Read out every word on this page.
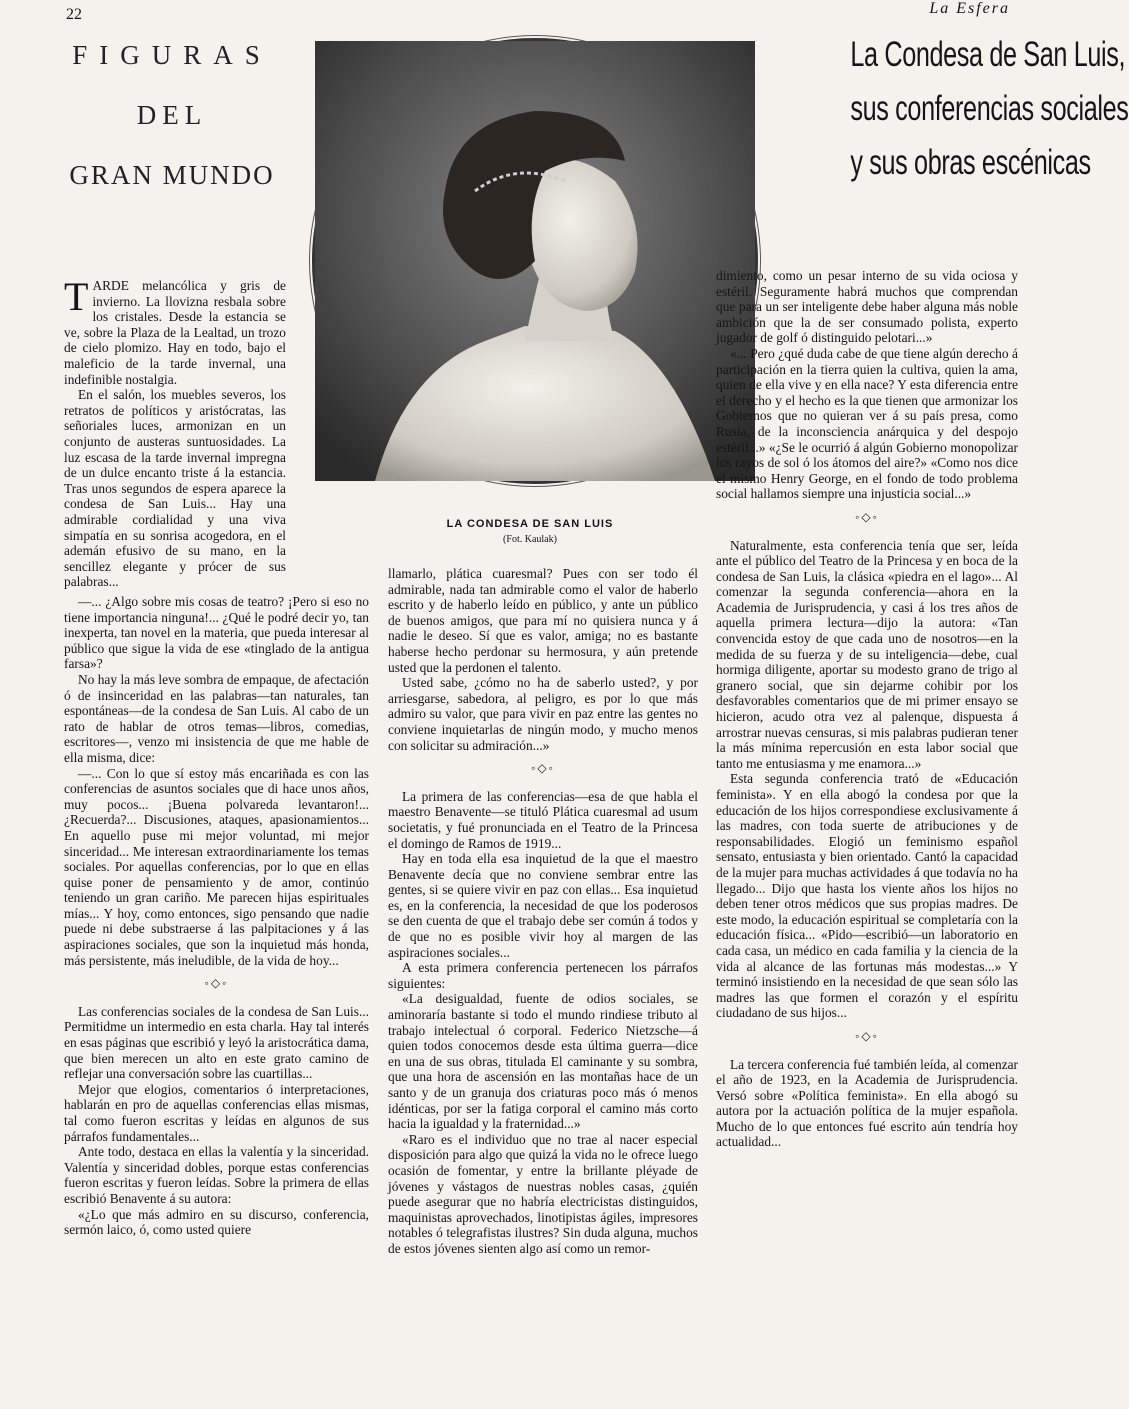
22	La Esfera
FIGURAS
DEL
GRAN MUNDO
La Condesa de San Luis,
sus conferencias sociales
y sus obras escénicas
LA CONDESA DE SAN LUIS
(Fot. Kaulak)

TARDE melancólica y gris de invierno. La llovizna resbala sobre los cristales. Desde la estancia se ve, sobre la Plaza de la Lealtad, un trozo de cielo plomizo. Hay en todo, bajo el maleficio de la tarde invernal, una indefinible nostalgia.

En el salón, los muebles severos, los retratos de políticos y aristócratas, las señoriales luces, armonizan en un conjunto de austeras suntuosidades. La luz escasa de la tarde invernal impregna de un dulce encanto triste á la estancia. Tras unos segundos de espera aparece la condesa de San Luis... Hay una admirable cordialidad y una viva simpatía en su sonrisa acogedora, en el ademán efusivo de su mano, en la sencillez elegante y prócer de sus palabras...

—... ¿Algo sobre mis cosas de teatro? ¡Pero si eso no tiene importancia ninguna!... ¿Qué le podré decir yo, tan inexperta, tan novel en la materia, que pueda interesar al público que sigue la vida de ese «tinglado de la antigua farsa»?

No hay la más leve sombra de empaque, de afectación ó de insinceridad en las palabras—tan naturales, tan espontáneas—de la condesa de San Luis. Al cabo de un rato de hablar de otros temas—libros, comedias, escritores—, venzo mi insistencia de que me hable de ella misma, dice:

—... Con lo que sí estoy más encariñada es con las conferencias de asuntos sociales que di hace unos años, muy pocos... ¡Buena polvareda levantaron!... ¿Recuerda?... Discusiones, ataques, apasionamientos... En aquello puse mi mejor voluntad, mi mejor sinceridad... Me interesan extraordinariamente los temas sociales. Por aquellas conferencias, por lo que en ellas quise poner de pensamiento y de amor, continúo teniendo un gran cariño. Me parecen hijas espirituales mías... Y hoy, como entonces, sigo pensando que nadie puede ni debe substraerse á las palpitaciones y á las aspiraciones sociales, que son la inquietud más honda, más persistente, más ineludible, de la vida de hoy...

◦◇◦

Las conferencias sociales de la condesa de San Luis... Permitidme un intermedio en esta charla. Hay tal interés en esas páginas que escribió y leyó la aristocrática dama, que bien merecen un alto en este grato camino de reflejar una conversación sobre las cuartillas...

Mejor que elogios, comentarios ó interpretaciones, hablarán en pro de aquellas conferencias ellas mismas, tal como fueron escritas y leídas en algunos de sus párrafos fundamentales...

Ante todo, destaca en ellas la valentía y la sinceridad. Valentía y sinceridad dobles, porque estas conferencias fueron escritas y fueron leídas. Sobre la primera de ellas escribió Benavente á su autora:

«¿Lo que más admiro en su discurso, conferencia, sermón laico, ó, como usted quiere

llamarlo, plática cuaresmal? Pues con ser todo él admirable, nada tan admirable como el valor de haberlo escrito y de haberlo leído en público, y ante un público de buenos amigos, que para mí no quisiera nunca y á nadie le deseo. Sí que es valor, amiga; no es bastante haberse hecho perdonar su hermosura, y aún pretende usted que la perdonen el talento.

Usted sabe, ¿cómo no ha de saberlo usted?, y por arriesgarse, sabedora, al peligro, es por lo que más admiro su valor, que para vivir en paz entre las gentes no conviene inquietarlas de ningún modo, y mucho menos con solicitar su admiración...»

◦◇◦

La primera de las conferencias—esa de que habla el maestro Benavente—se tituló Plática cuaresmal ad usum societatis, y fué pronunciada en el Teatro de la Princesa el domingo de Ramos de 1919...

Hay en toda ella esa inquietud de la que el maestro Benavente decía que no conviene sembrar entre las gentes, si se quiere vivir en paz con ellas... Esa inquietud es, en la conferencia, la necesidad de que los poderosos se den cuenta de que el trabajo debe ser común á todos y de que no es posible vivir hoy al margen de las aspiraciones sociales...

A esta primera conferencia pertenecen los párrafos siguientes:

«La desigualdad, fuente de odios sociales, se aminoraría bastante si todo el mundo rindiese tributo al trabajo intelectual ó corporal. Federico Nietzsche—á quien todos conocemos desde esta última guerra—dice en una de sus obras, titulada El caminante y su sombra, que una hora de ascensión en las montañas hace de un santo y de un granuja dos criaturas poco más ó menos idénticas, por ser la fatiga corporal el camino más corto hacia la igualdad y la fraternidad...»

«Raro es el individuo que no trae al nacer especial disposición para algo que quizá la vida no le ofrece luego ocasión de fomentar, y entre la brillante pléyade de jóvenes y vástagos de nuestras nobles casas, ¿quién puede asegurar que no habría electricistas distinguidos, maquinistas aprovechados, linotipistas ágiles, impresores notables ó telegrafistas ilustres? Sin duda alguna, muchos de estos jóvenes sienten algo así como un remor-

dimiento, como un pesar interno de su vida ociosa y estéril. Seguramente habrá muchos que comprendan que para un ser inteligente debe haber alguna más noble ambición que la de ser consumado polista, experto jugador de golf ó distinguido pelotari...»

«... Pero ¿qué duda cabe de que tiene algún derecho á participación en la tierra quien la cultiva, quien la ama, quien de ella vive y en ella nace? Y esta diferencia entre el derecho y el hecho es la que tienen que armonizar los Gobiernos que no quieran ver á su país presa, como Rusia, de la inconsciencia anárquica y del despojo estéril...» «¿Se le ocurrió á algún Gobierno monopolizar los rayos de sol ó los átomos del aire?» «Como nos dice el mismo Henry George, en el fondo de todo problema social hallamos siempre una injusticia social...»

◦◇◦

Naturalmente, esta conferencia tenía que ser, leída ante el público del Teatro de la Princesa y en boca de la condesa de San Luis, la clásica «piedra en el lago»... Al comenzar la segunda conferencia—ahora en la Academia de Jurisprudencia, y casi á los tres años de aquella primera lectura—dijo la autora: «Tan convencida estoy de que cada uno de nosotros—en la medida de su fuerza y de su inteligencia—debe, cual hormiga diligente, aportar su modesto grano de trigo al granero social, que sin dejarme cohibir por los desfavorables comentarios que de mi primer ensayo se hicieron, acudo otra vez al palenque, dispuesta á arrostrar nuevas censuras, si mis palabras pudieran tener la más mínima repercusión en esta labor social que tanto me entusiasma y me enamora...»

Esta segunda conferencia trató de «Educación feminista». Y en ella abogó la condesa por que la educación de los hijos correspondiese exclusivamente á las madres, con toda suerte de atribuciones y de responsabilidades. Elogió un feminismo español sensato, entusiasta y bien orientado. Cantó la capacidad de la mujer para muchas actividades á que todavía no ha llegado... Dijo que hasta los viente años los hijos no deben tener otros médicos que sus propias madres. De este modo, la educación espiritual se completaría con la educación física... «Pido—escribió—un laboratorio en cada casa, un médico en cada familia y la ciencia de la vida al alcance de las fortunas más modestas...» Y terminó insistiendo en la necesidad de que sean sólo las madres las que formen el corazón y el espíritu ciudadano de sus hijos...

◦◇◦

La tercera conferencia fué también leída, al comenzar el año de 1923, en la Academia de Jurisprudencia. Versó sobre «Política feminista». En ella abogó su autora por la actuación política de la mujer española. Mucho de lo que entonces fué escrito aún tendría hoy actualidad...
